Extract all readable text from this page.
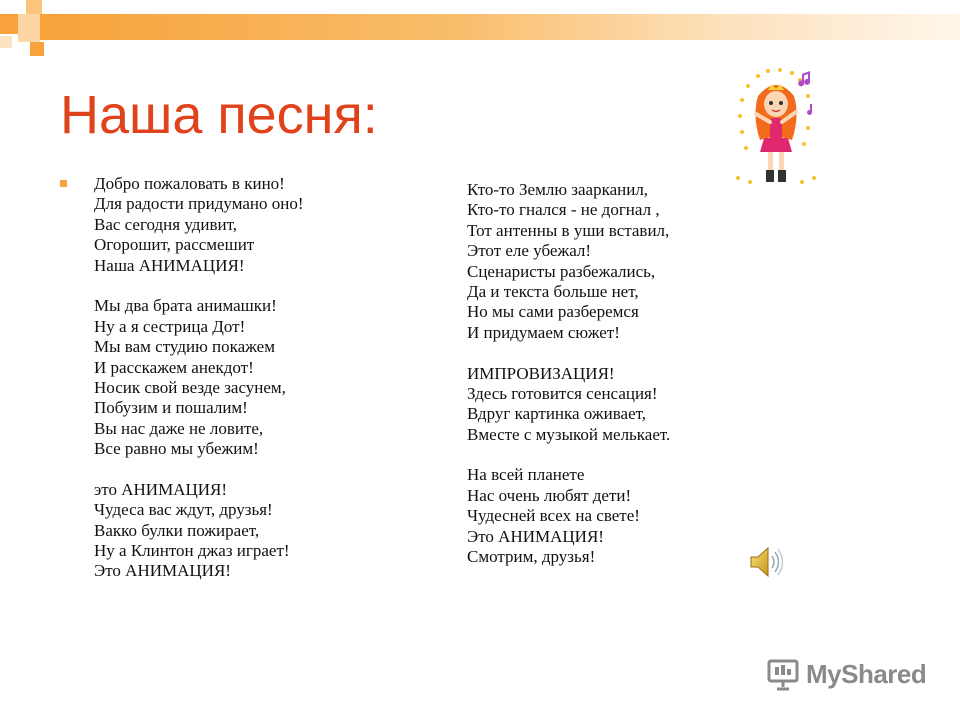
Наша песня:
Добро пожаловать в кино!
Для радости придумано оно!
Вас сегодня удивит,
Огорошит, рассмешит
Наша АНИМАЦИЯ!
Мы два брата анимашки!
Ну а я сестрица Дот!
Мы вам студию покажем
И расскажем анекдот!
Носик свой везде засунем,
Побузим и пошалим!
Вы нас даже не ловите,
Все равно мы убежим!
это АНИМАЦИЯ!
Чудеса вас ждут, друзья!
Вакко булки пожирает,
Ну а Клинтон джаз играет!
Это АНИМАЦИЯ!
Кто-то Землю заарканил,
Кто-то гнался - не догнал ,
Тот антенны в уши вставил,
Этот еле убежал!
Сценаристы разбежались,
Да и текста больше нет,
Но мы сами разберемся
И придумаем сюжет!
ИМПРОВИЗАЦИЯ!
Здесь готовится сенсация!
Вдруг картинка оживает,
Вместе с музыкой мелькает.
На всей планете
Нас очень любят дети!
Чудесней всех на свете!
Это АНИМАЦИЯ!
Смотрим, друзья!
MyShared
